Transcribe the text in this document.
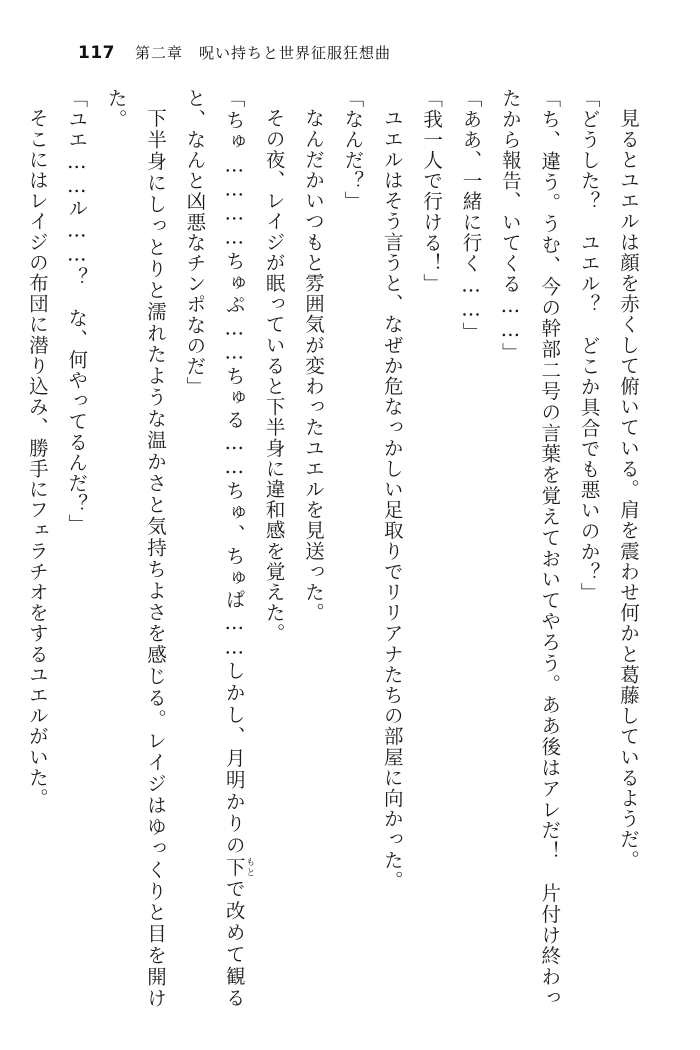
117 第二章　呪い持ちと世界征服狂想曲

見るとユエルは顔を赤くして俯いている。肩を震わせ何かと葛藤しているようだ。

「どうした？　ユエル？　どこか具合でも悪いのか？」

「ち、違う。うむ、今の幹部二号の言葉を覚えておいてやろう。ああ後はアレだ！　片付け終わったから報告、いてくる……」

「ああ、一緒に行く……」

「我一人で行ける！」

ユエルはそう言うと、なぜか危なっかしい足取りでリリアナたちの部屋に向かった。

「なんだ？」

なんだかいつもと雰囲気が変わったユエルを見送った。

その夜、レイジが眠っていると下半身に違和感を覚えた。

「ちゅ…………ちゅぷ……ちゅる……ちゅ、ちゅぱ……しかし、月明かりの下もとで改めて観ると、なんと凶悪なチンポなのだ」

下半身にしっとりと濡れたような温かさと気持ちよさを感じる。レイジはゆっくりと目を開けた。

「ユエ……ル……？　な、何やってるんだ？」

そこにはレイジの布団に潜り込み、勝手にフェラチオをするユエルがいた。
